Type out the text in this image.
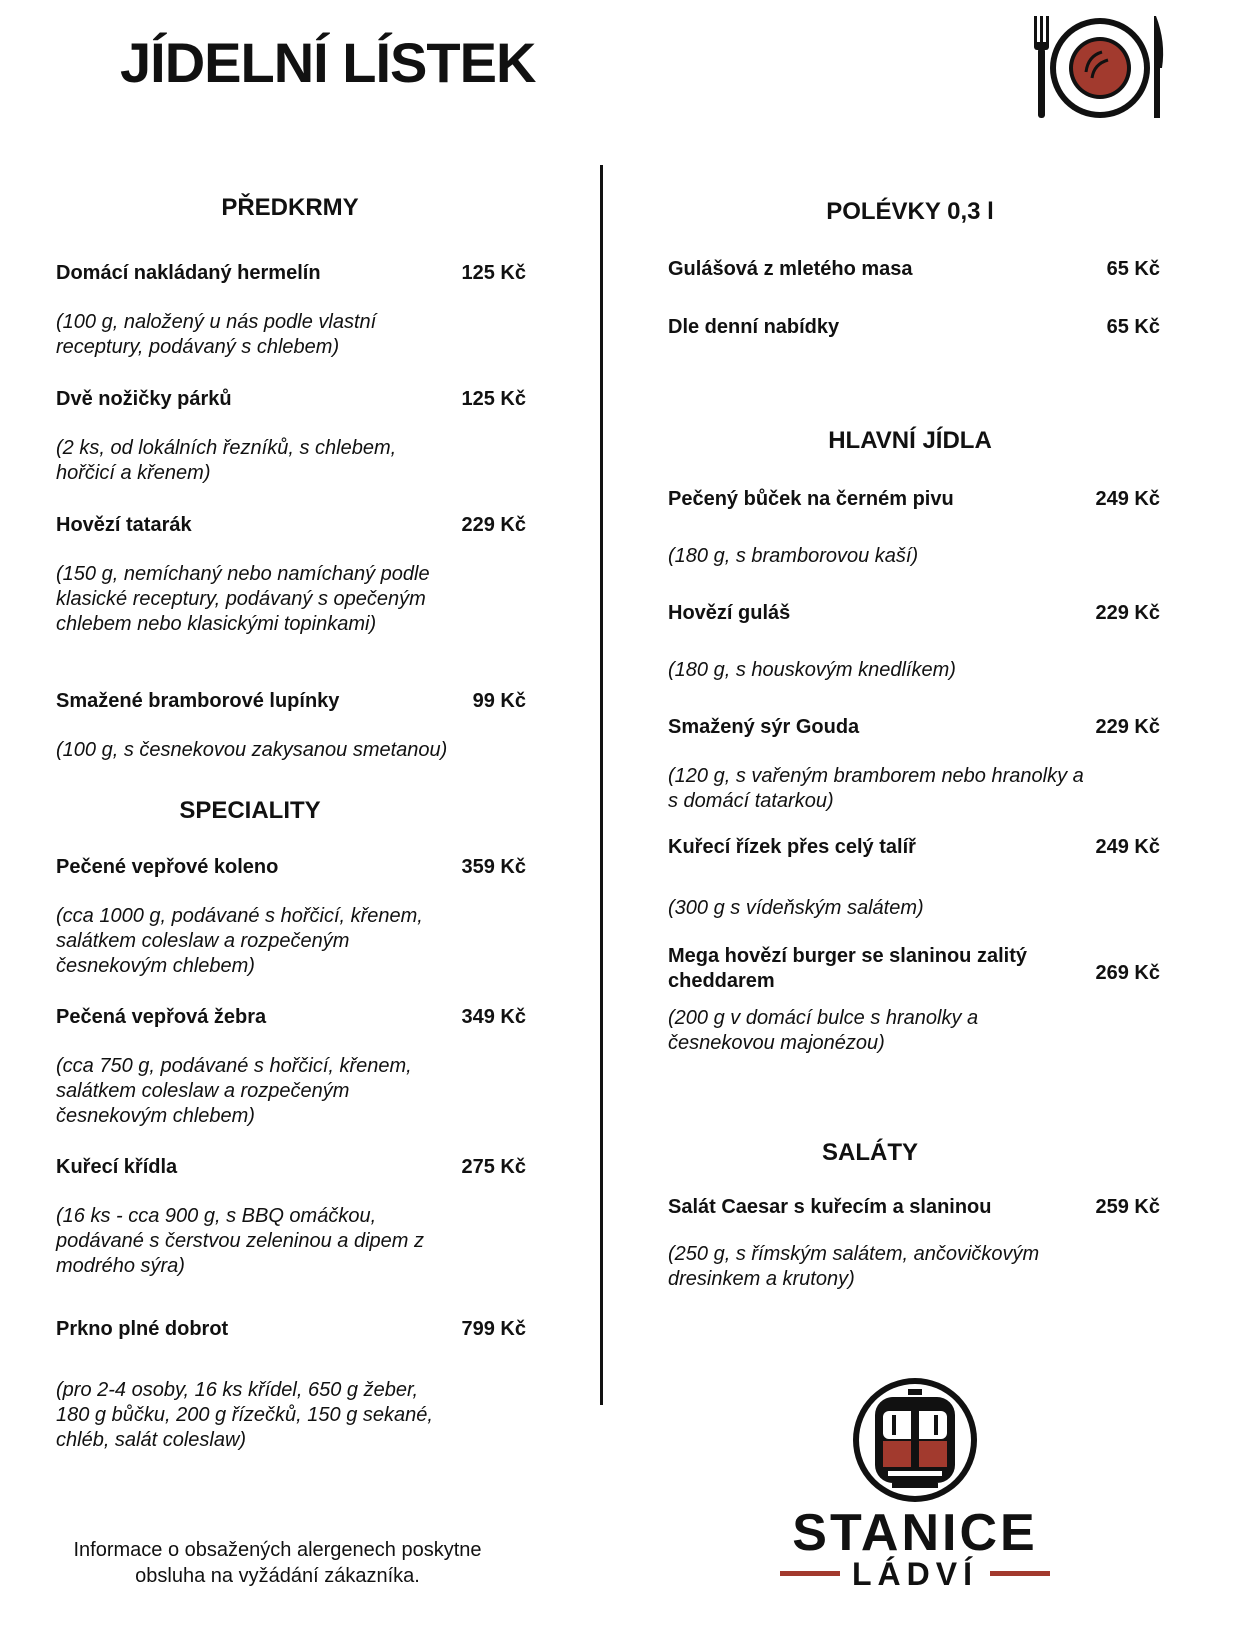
JÍDELNÍ LÍSTEK
PŘEDKRMY
Domácí nakládaný hermelín	125 Kč
(100 g, naložený u nás podle vlastní receptury, podávaný s chlebem)
Dvě nožičky párků	125 Kč
(2 ks, od lokálních řezníků, s chlebem, hořčicí a křenem)
Hovězí tatarák	229 Kč
(150 g, nemíchaný nebo namíchaný podle klasické receptury, podávaný s opečeným chlebem nebo klasickými topinkami)
Smažené bramborové lupínky	99 Kč
(100 g, s česnekovou zakysanou smetanou)
SPECIALITY
Pečené vepřové koleno	359 Kč
(cca 1000 g, podávané s hořčicí, křenem, salátkem coleslaw a rozpečeným česnekovým chlebem)
Pečená vepřová žebra	349 Kč
(cca 750 g, podávané s hořčicí, křenem, salátkem coleslaw a rozpečeným česnekovým chlebem)
Kuřecí křídla	275 Kč
(16 ks - cca 900 g, s BBQ omáčkou, podávané s čerstvou zeleninou a dipem z modrého sýra)
Prkno plné dobrot	799 Kč
(pro 2-4 osoby, 16 ks křídel, 650 g žeber, 180 g bůčku, 200 g řízečků, 150 g sekané, chléb, salát coleslaw)
POLÉVKY 0,3 l
Gulášová z mletého masa	65 Kč
Dle denní nabídky	65 Kč
HLAVNÍ JÍDLA
Pečený bůček na černém pivu	249 Kč
(180 g, s bramborovou kaší)
Hovězí guláš	229 Kč
(180 g, s houskovým knedlíkem)
Smažený sýr Gouda	229 Kč
(120 g, s vařeným bramborem nebo hranolky a s domácí tatarkou)
Kuřecí řízek přes celý talíř	249 Kč
(300 g s vídeňským salátem)
Mega hovězí burger se slaninou zalitý cheddarem	269 Kč
(200 g v domácí bulce s hranolky a česnekovou majonézou)
SALÁTY
Salát Caesar s kuřecím a slaninou	259 Kč
(250 g, s římským salátem, ančovičkovým dresinkem a krutony)
Informace o obsažených alergenech poskytne obsluha na vyžádání zákazníka.
STANICE
LÁDVÍ
